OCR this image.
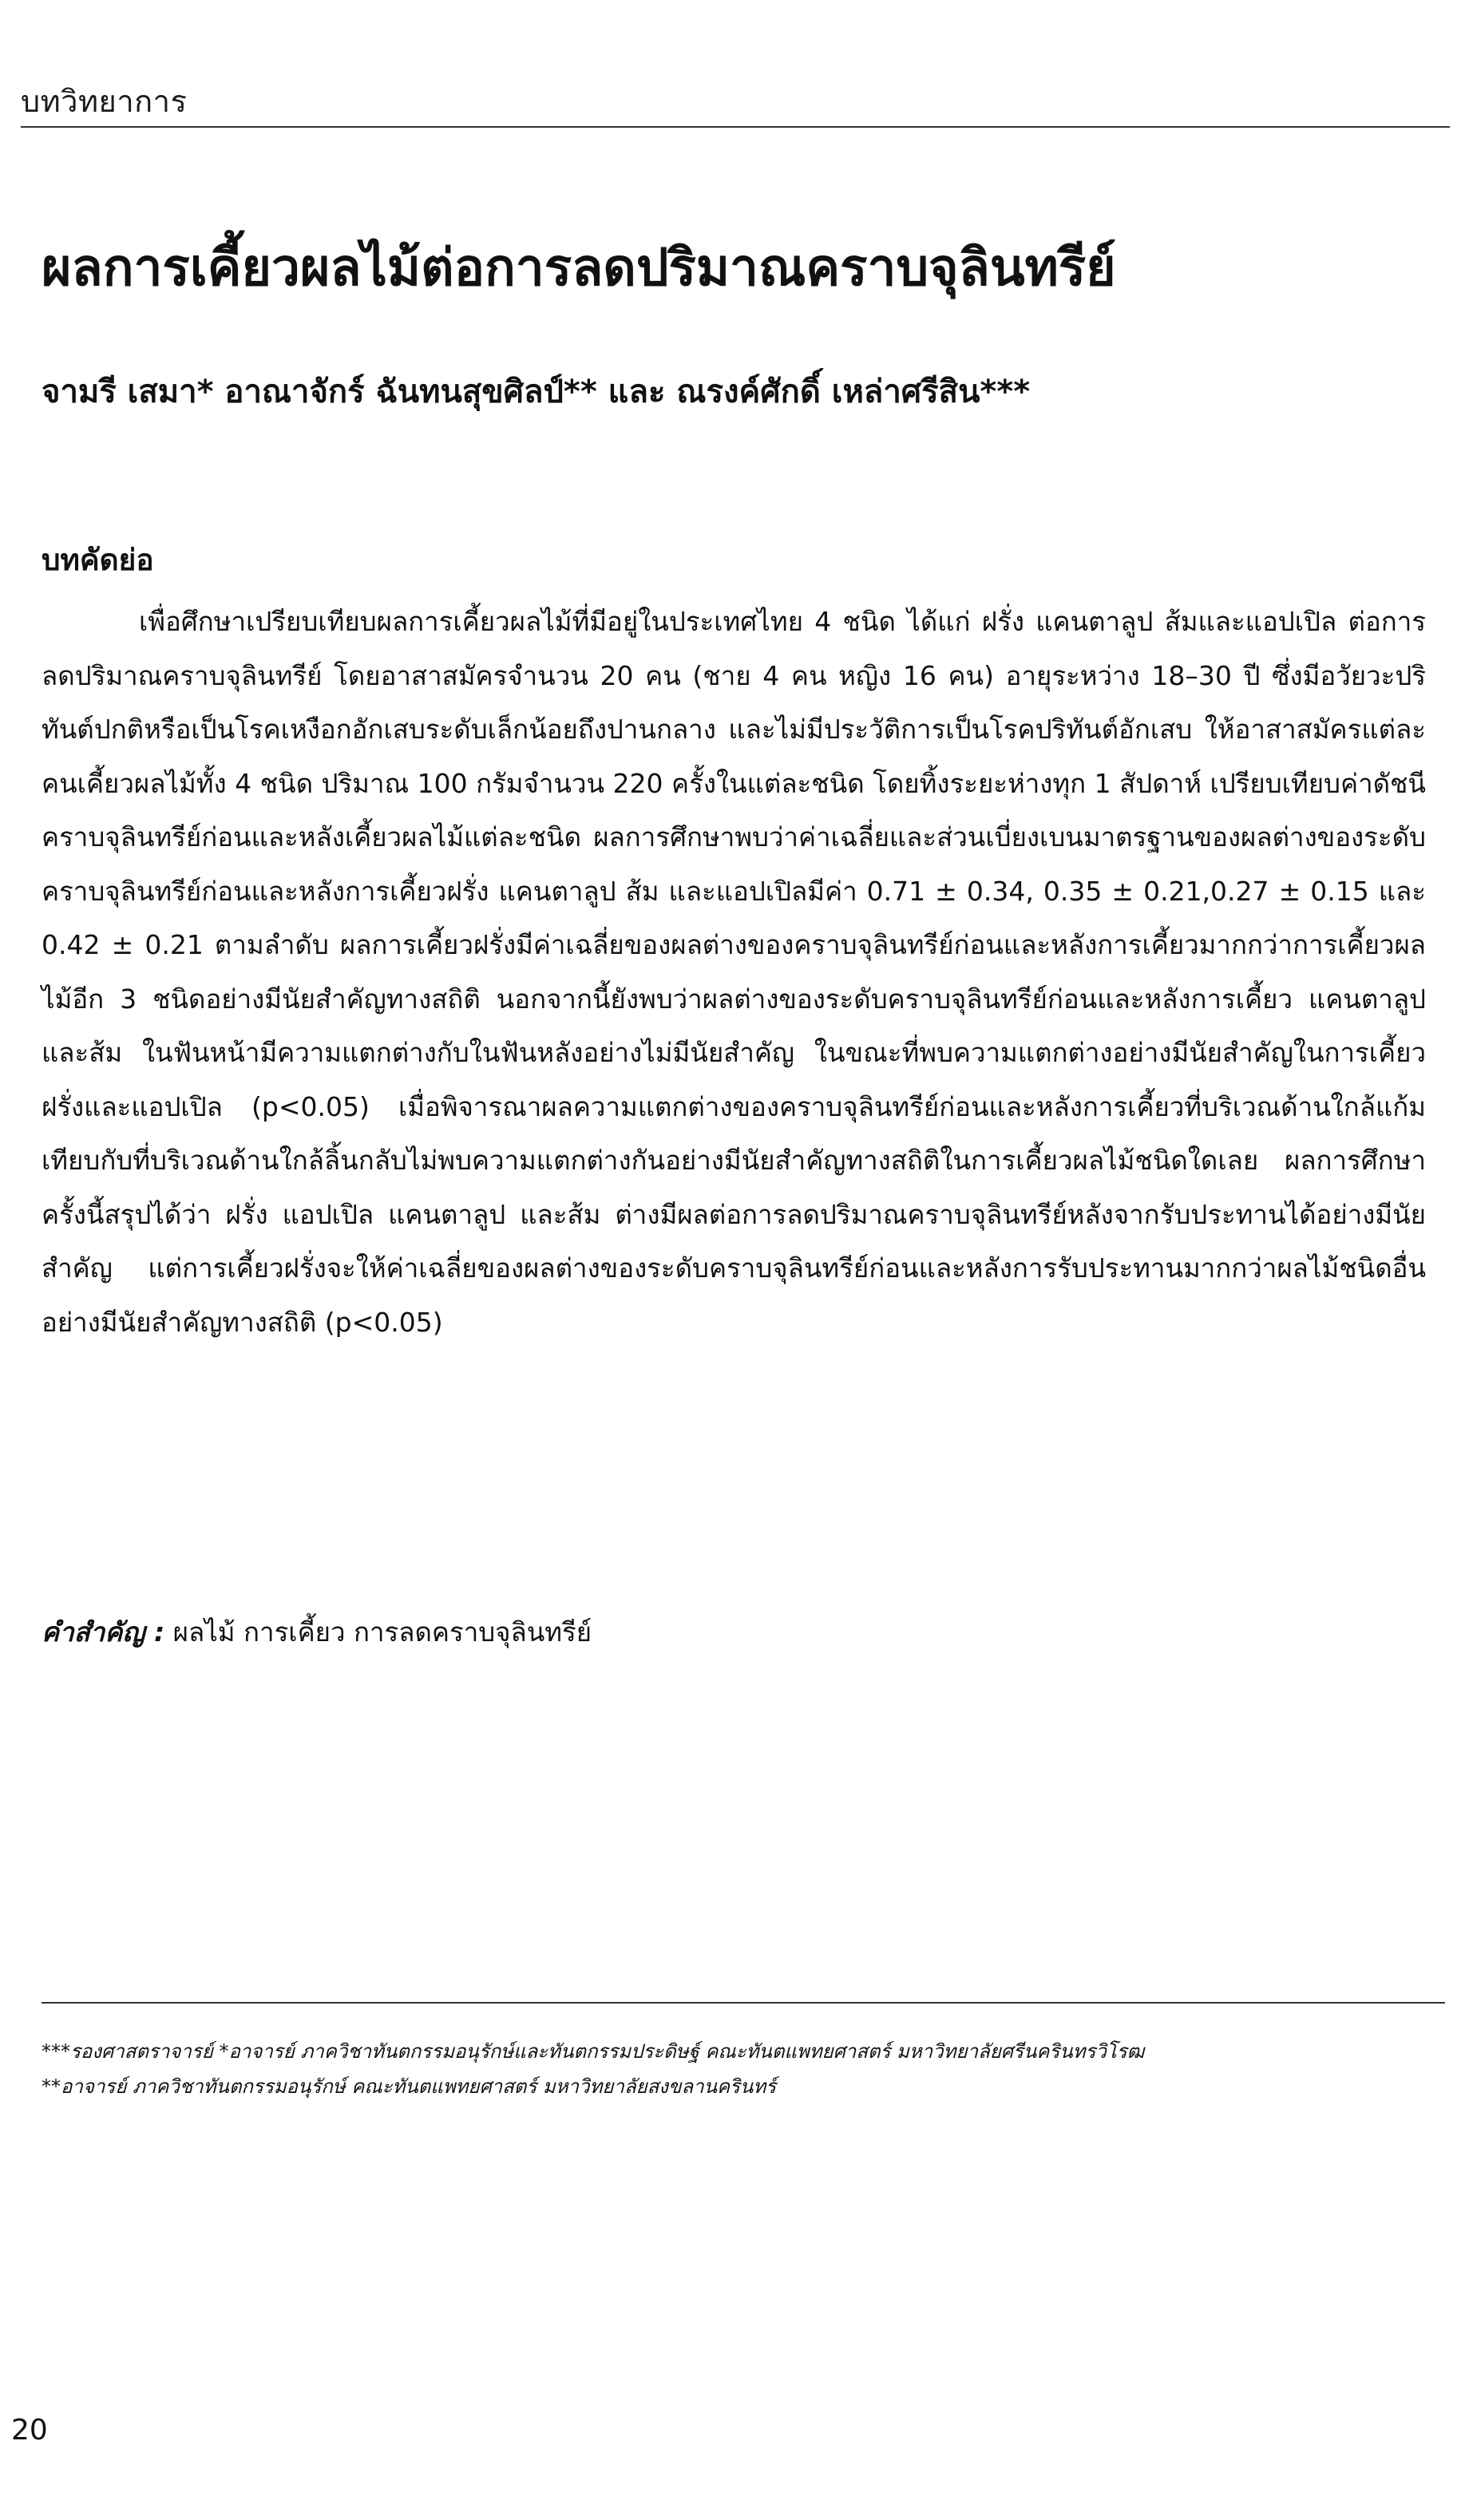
บทวิทยาการ
ผลการเคี้ยวผลไม้ต่อการลดปริมาณคราบจุลินทรีย์

จามรี เสมา* อาณาจักร์ ฉันทนสุขศิลป์** และ ณรงค์ศักดิ์ เหล่าศรีสิน***

บทคัดย่อ

เพื่อศึกษาเปรียบเทียบผลการเคี้ยวผลไม้ที่มีอยู่ในประเทศไทย 4 ชนิด ได้แก่ ฝรั่ง แคนตาลูป ส้มและแอปเปิล ต่อการลดปริมาณคราบจุลินทรีย์ โดยอาสาสมัครจำนวน 20 คน (ชาย 4 คน หญิง 16 คน) อายุระหว่าง 18–30 ปี ซึ่งมีอวัยวะปริทันต์ปกติหรือเป็นโรคเหงือกอักเสบระดับเล็กน้อยถึงปานกลาง และไม่มีประวัติการเป็นโรคปริทันต์อักเสบ ให้อาสาสมัครแต่ละคนเคี้ยวผลไม้ทั้ง 4 ชนิด ปริมาณ 100 กรัมจำนวน 220 ครั้งในแต่ละชนิด โดยทิ้งระยะห่างทุก 1 สัปดาห์ เปรียบเทียบค่าดัชนีคราบจุลินทรีย์ก่อนและหลังเคี้ยวผลไม้แต่ละชนิด ผลการศึกษาพบว่าค่าเฉลี่ยและส่วนเบี่ยงเบนมาตรฐานของผลต่างของระดับคราบจุลินทรีย์ก่อนและหลังการเคี้ยวฝรั่ง แคนตาลูป ส้ม และแอปเปิลมีค่า 0.71 ± 0.34, 0.35 ± 0.21,0.27 ± 0.15 และ 0.42 ± 0.21 ตามลำดับ ผลการเคี้ยวฝรั่งมีค่าเฉลี่ยของผลต่างของคราบจุลินทรีย์ก่อนและหลังการเคี้ยวมากกว่าการเคี้ยวผลไม้อีก 3 ชนิดอย่างมีนัยสำคัญทางสถิติ นอกจากนี้ยังพบว่าผลต่างของระดับคราบจุลินทรีย์ก่อนและหลังการเคี้ยว แคนตาลูปและส้ม ในฟันหน้ามีความแตกต่างกับในฟันหลังอย่างไม่มีนัยสำคัญ ในขณะที่พบความแตกต่างอย่างมีนัยสำคัญในการเคี้ยวฝรั่งและแอปเปิล (p<0.05) เมื่อพิจารณาผลความแตกต่างของคราบจุลินทรีย์ก่อนและหลังการเคี้ยวที่บริเวณด้านใกล้แก้มเทียบกับที่บริเวณด้านใกล้ลิ้นกลับไม่พบความแตกต่างกันอย่างมีนัยสำคัญทางสถิติในการเคี้ยวผลไม้ชนิดใดเลย ผลการศึกษาครั้งนี้สรุปได้ว่า ฝรั่ง แอปเปิล แคนตาลูป และส้ม ต่างมีผลต่อการลดปริมาณคราบจุลินทรีย์หลังจากรับประทานได้อย่างมีนัยสำคัญ แต่การเคี้ยวฝรั่งจะให้ค่าเฉลี่ยของผลต่างของระดับคราบจุลินทรีย์ก่อนและหลังการรับประทานมากกว่าผลไม้ชนิดอื่นอย่างมีนัยสำคัญทางสถิติ (p<0.05)

คำสำคัญ : ผลไม้ การเคี้ยว การลดคราบจุลินทรีย์

***รองศาสตราจารย์ *อาจารย์ ภาควิชาทันตกรรมอนุรักษ์และทันตกรรมประดิษฐ์ คณะทันตแพทยศาสตร์ มหาวิทยาลัยศรีนครินทรวิโรฒ

**อาจารย์ ภาควิชาทันตกรรมอนุรักษ์ คณะทันตแพทยศาสตร์ มหาวิทยาลัยสงขลานครินทร์

20
